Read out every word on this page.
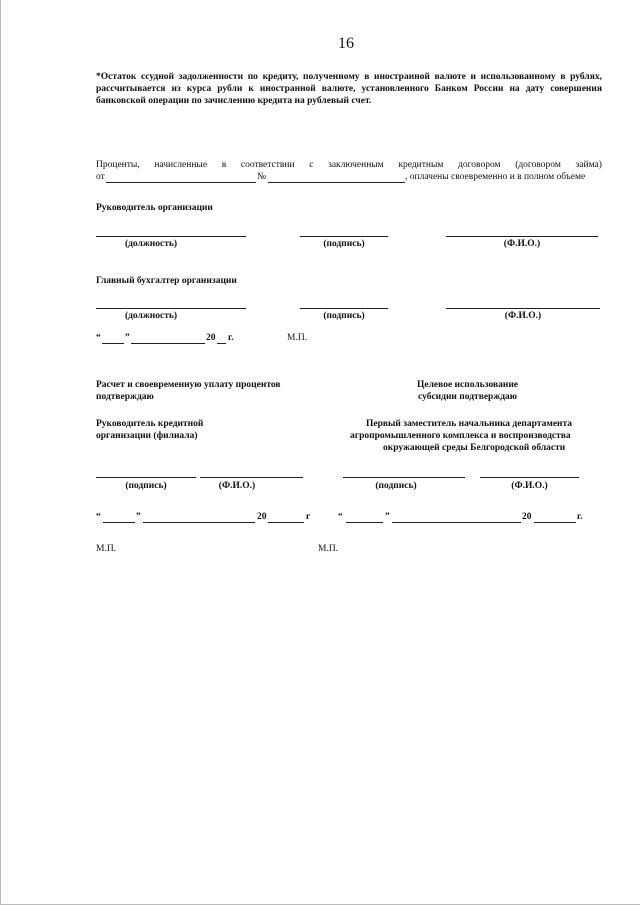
16
*Остаток ссудной задолженности по кредиту, полученному в иностранной валюте и использованному в рублях,
рассчитывается из курса рубли к иностранной валюте, установленного Банком России на дату совершения
банковской операции по зачислению кредита на рублевый счет.
Проценты, начисленные в соответствии с заключенным кредитным договором (договором займа)
от	№	, оплачены своевременно и в полном объеме
Руководитель организации
(должность)	(подпись)	(Ф.И.О.)
Главный бухгалтер организации
(должность)	(подпись)	(Ф.И.О.)
“	”	20 г.	М.П.
Расчет и своевременную уплату процентов
подтверждаю
Руководитель кредитной
организации (филиала)
(подпись)	(Ф.И.О.)
“	”	20	г
М.П.
Целевое использование
субсидии подтверждаю
Первый заместитель начальника департамента
агропромышленного комплекса и воспроизводства
окружающей среды Белгородской области
(подпись)	(Ф.И.О.)
“	”	20	г.
М.П.
